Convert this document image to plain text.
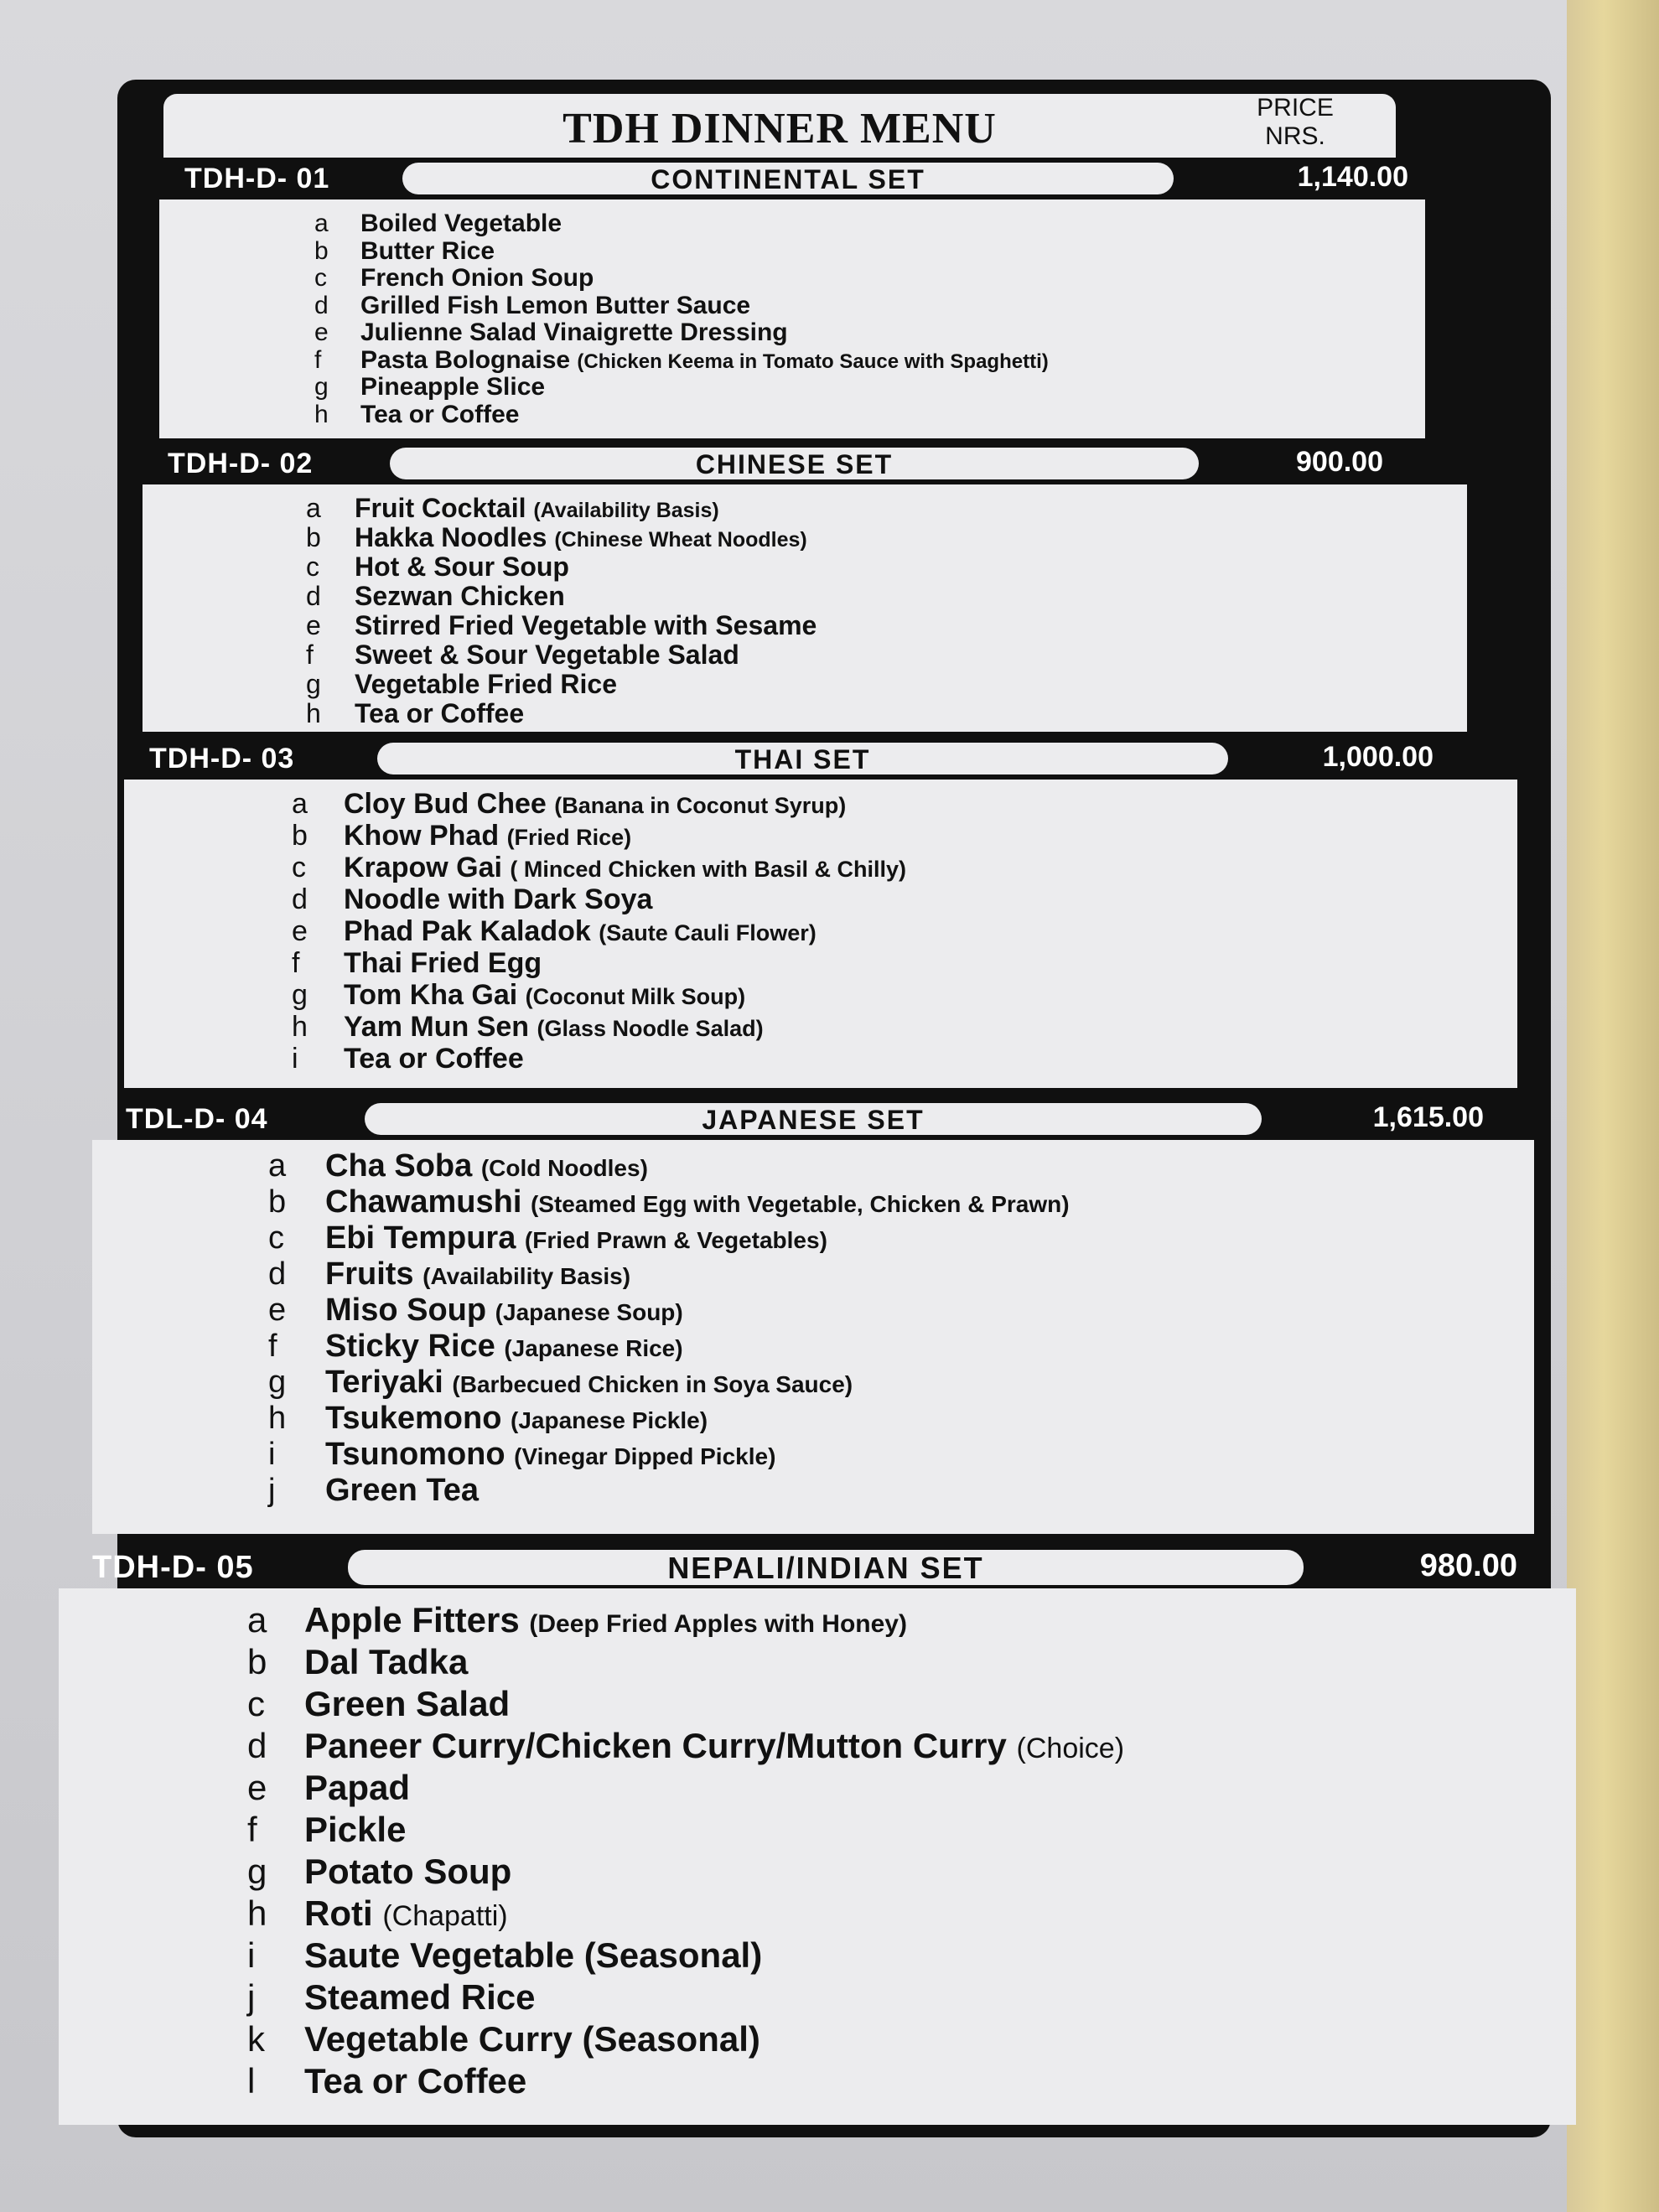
TDH DINNER MENU	PRICE
NRS.
TDH-D- 01	CONTINENTAL SET	1,140.00
a Boiled Vegetable
b Butter Rice
c French Onion Soup
d Grilled Fish Lemon Butter Sauce
e Julienne Salad Vinaigrette Dressing
f Pasta Bolognaise (Chicken Keema in Tomato Sauce with Spaghetti)
g Pineapple Slice
h Tea or Coffee
TDH-D- 02	CHINESE SET	900.00
a Fruit Cocktail (Availability Basis)
b Hakka Noodles (Chinese Wheat Noodles)
c Hot & Sour Soup
d Sezwan Chicken
e Stirred Fried Vegetable with Sesame
f Sweet & Sour Vegetable Salad
g Vegetable Fried Rice
h Tea or Coffee
TDH-D- 03	THAI SET	1,000.00
a Cloy Bud Chee (Banana in Coconut Syrup)
b Khow Phad (Fried Rice)
c Krapow Gai ( Minced Chicken with Basil & Chilly)
d Noodle with Dark Soya
e Phad Pak Kaladok (Saute Cauli Flower)
f Thai Fried Egg
g Tom Kha Gai (Coconut Milk Soup)
h Yam Mun Sen (Glass Noodle Salad)
i Tea or Coffee
TDL-D- 04	JAPANESE SET	1,615.00
a Cha Soba (Cold Noodles)
b Chawamushi (Steamed Egg with Vegetable, Chicken & Prawn)
c Ebi Tempura (Fried Prawn & Vegetables)
d Fruits (Availability Basis)
e Miso Soup (Japanese Soup)
f Sticky Rice (Japanese Rice)
g Teriyaki (Barbecued Chicken in Soya Sauce)
h Tsukemono (Japanese Pickle)
i Tsunomono (Vinegar Dipped Pickle)
j Green Tea
TDH-D- 05	NEPALI/INDIAN SET	980.00
a Apple Fitters (Deep Fried Apples with Honey)
b Dal Tadka
c Green Salad
d Paneer Curry/Chicken Curry/Mutton Curry (Choice)
e Papad
f Pickle
g Potato Soup
h Roti (Chapatti)
i Saute Vegetable (Seasonal)
j Steamed Rice
k Vegetable Curry (Seasonal)
l Tea or Coffee
